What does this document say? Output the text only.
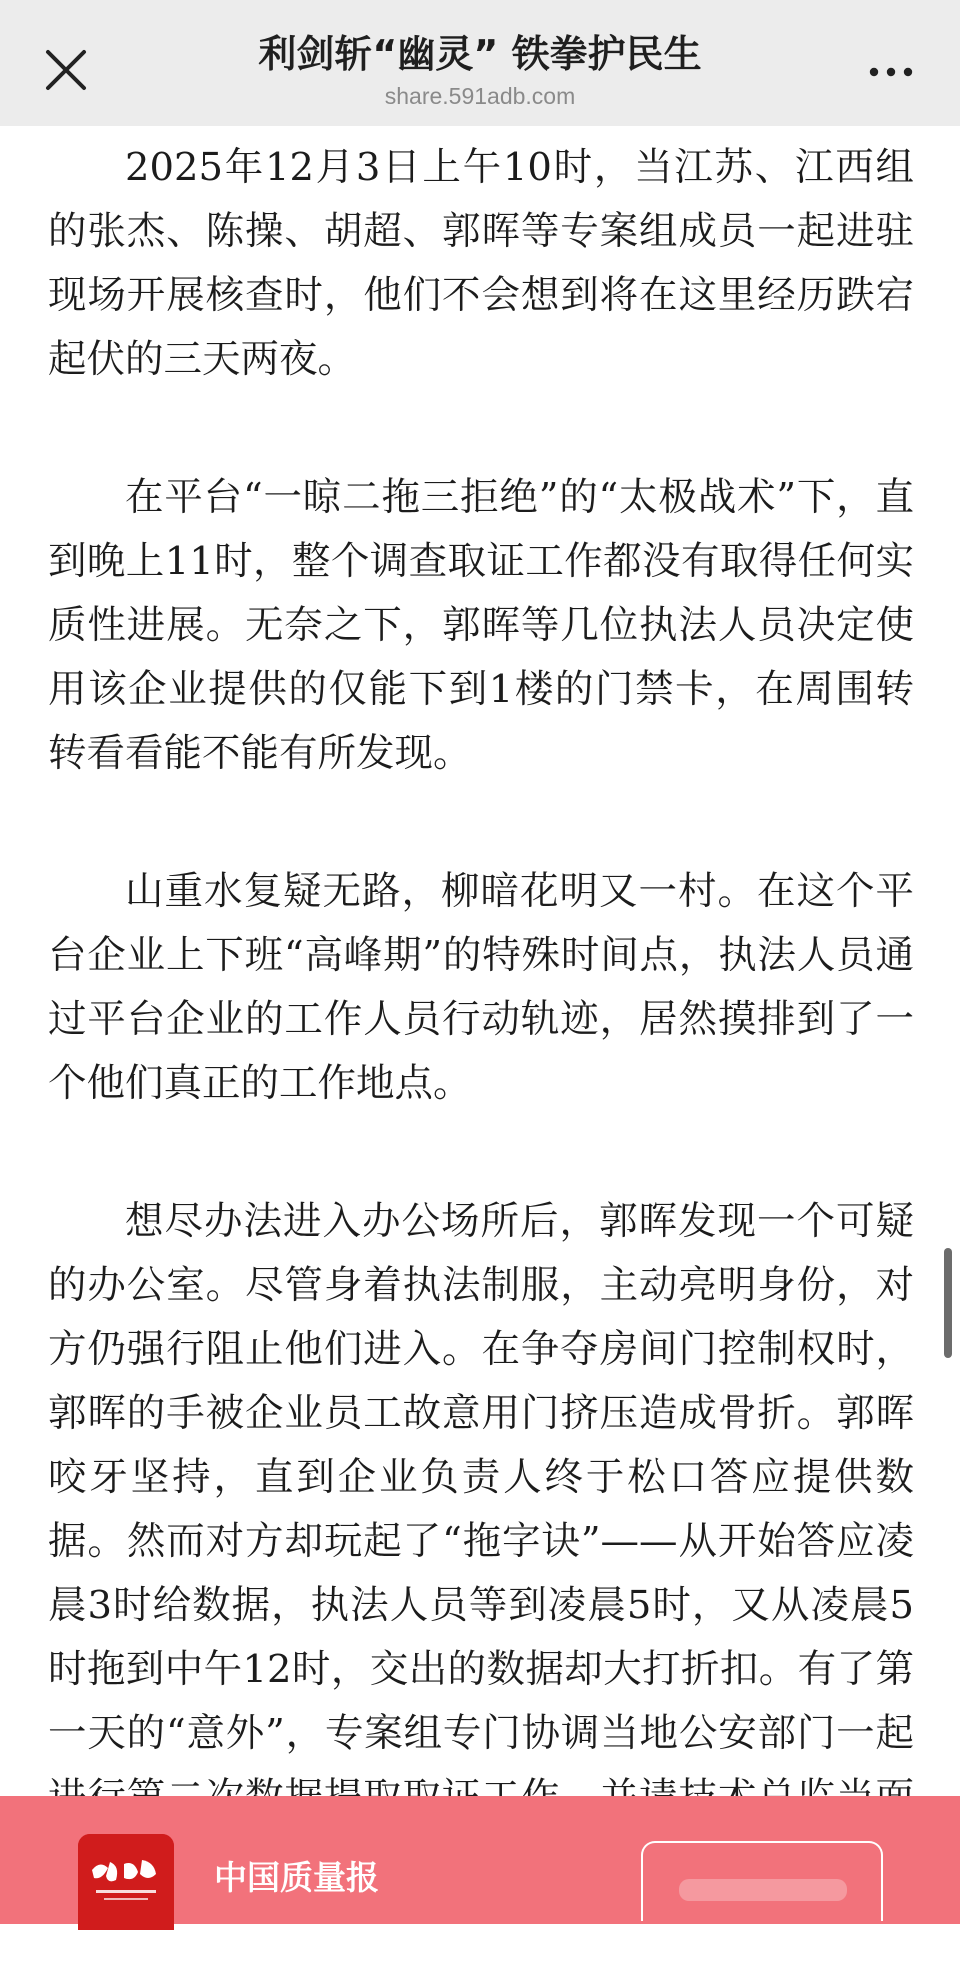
利剑斩“幽灵” 铁拳护民生
share.591adb.com

2025年12月3日上午10时，当江苏、江西组的张杰、陈操、胡超、郭晖等专案组成员一起进驻现场开展核查时，他们不会想到将在这里经历跌宕起伏的三天两夜。

在平台“一晾二拖三拒绝”的“太极战术”下，直到晚上11时，整个调查取证工作都没有取得任何实质性进展。无奈之下，郭晖等几位执法人员决定使用该企业提供的仅能下到1楼的门禁卡，在周围转转看看能不能有所发现。

山重水复疑无路，柳暗花明又一村。在这个平台企业上下班“高峰期”的特殊时间点，执法人员通过平台企业的工作人员行动轨迹，居然摸排到了一个他们真正的工作地点。

想尽办法进入办公场所后，郭晖发现一个可疑的办公室。尽管身着执法制服，主动亮明身份，对方仍强行阻止他们进入。在争夺房间门控制权时，郭晖的手被企业员工故意用门挤压造成骨折。郭晖咬牙坚持，直到企业负责人终于松口答应提供数据。然而对方却玩起了“拖字诀”——从开始答应凌晨3时给数据，执法人员等到凌晨5时，又从凌晨5时拖到中午12时，交出的数据却大打折扣。有了第一天的“意外”，专案组专门协调当地公安部门一起

中国质量报
